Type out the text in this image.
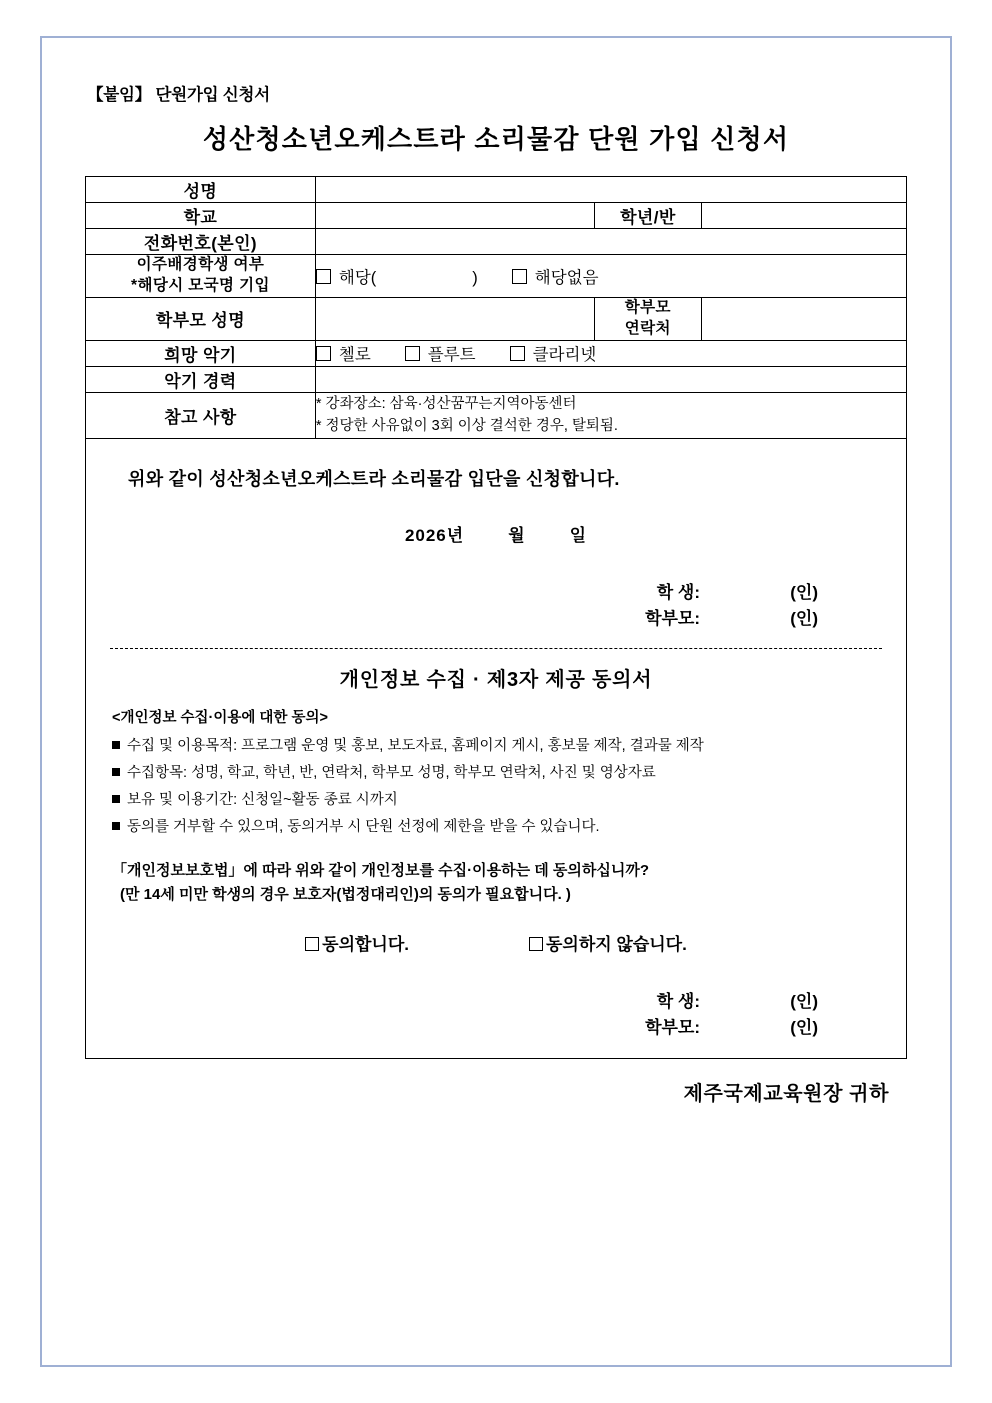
【붙임】 단원가입 신청서
성산청소년오케스트라 소리물감 단원 가입 신청서
성명			
학교		학년/반	
전화번호(본인)			

이주배경학생 여부
*해당시 모국명 기입	해당( ) 해당없음		
학부모 성명		학부모
연락처	

희망 악기	첼로 플루트 클라리넷		
악기 경력			
참고 사항	* 강좌장소: 삼육·성산꿈꾸는지역아동센터
* 정당한 사유없이 3회 이상 결석한 경우, 탈퇴됨.		
위와 같이 성산청소년오케스트라 소리물감 입단을 신청합니다.
2026년	월	일
학 생:	(인)
학부모:	(인)
개인정보 수집 · 제3자 제공 동의서
<개인정보 수집·이용에 대한 동의>
수집 및 이용목적: 프로그램 운영 및 홍보, 보도자료, 홈페이지 게시, 홍보물 제작, 결과물 제작
수집항목: 성명, 학교, 학년, 반, 연락처, 학부모 성명, 학부모 연락처, 사진 및 영상자료
보유 및 이용기간: 신청일~활동 종료 시까지
동의를 거부할 수 있으며, 동의거부 시 단원 선정에 제한을 받을 수 있습니다.
「개인정보보호법」에 따라 위와 같이 개인정보를 수집·이용하는 데 동의하십니까?
(만 14세 미만 학생의 경우 보호자(법정대리인)의 동의가 필요합니다. )
동의합니다.	동의하지 않습니다.
학 생:	(인)
학부모:	(인)
제주국제교육원장 귀하
